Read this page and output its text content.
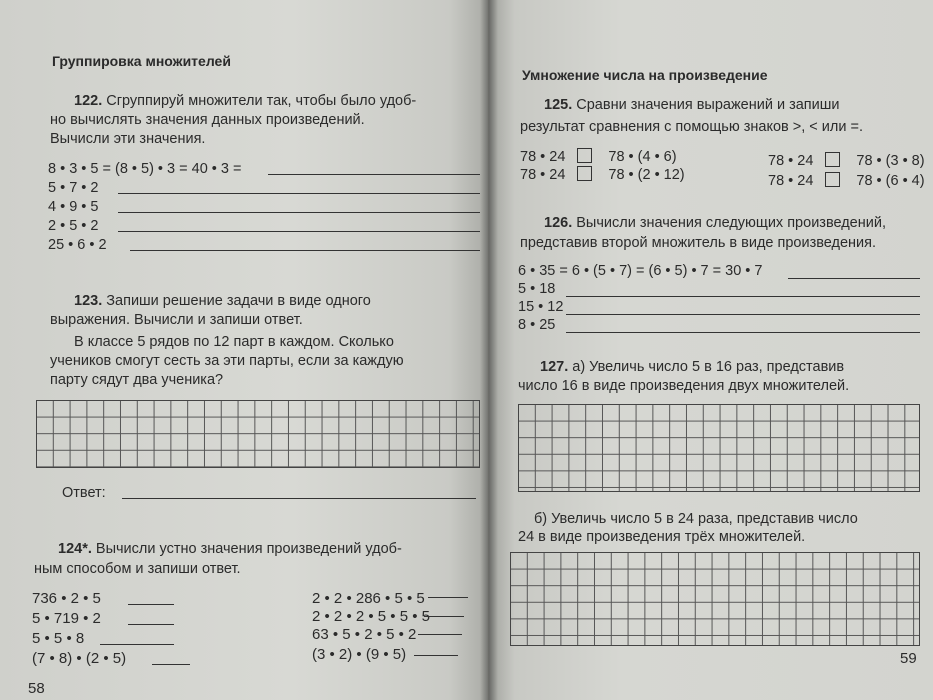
Группировка множителей
122. Сгруппируй множители так, чтобы было удоб-
но вычислять значения данных произведений.
Вычисли эти значения.
8 • 3 • 5 = (8 • 5) • 3 = 40 • 3 =
5 • 7 • 2
4 • 9 • 5
2 • 5 • 2
25 • 6 • 2
123. Запиши решение задачи в виде одного
выражения. Вычисли и запиши ответ.
В классе 5 рядов по 12 парт в каждом. Сколько
учеников смогут сесть за эти парты, если за каждую
парту сядут два ученика?
Ответ:
124*. Вычисли устно значения произведений удоб-
ным способом и запиши ответ.
736 • 2 • 5
5 • 719 • 2
5 • 5 • 8
(7 • 8) • (2 • 5)
2 • 2 • 286 • 5 • 5
2 • 2 • 2 • 5 • 5 • 5
63 • 5 • 2 • 5 • 2
(3 • 2) • (9 • 5)
58
Умножение числа на произведение
125. Сравни значения выражений и запиши
результат сравнения с помощью знаков >, < или =.
78 • 24	78 • (4 • 6)
78 • 24	78 • (2 • 12)
78 • 24	78 • (3 • 8)
78 • 24	78 • (6 • 4)
126. Вычисли значения следующих произведений,
представив второй множитель в виде произведения.
6 • 35 = 6 • (5 • 7) = (6 • 5) • 7 = 30 • 7
5 • 18
15 • 12
8 • 25
127. а) Увеличь число 5 в 16 раз, представив
число 16 в виде произведения двух множителей.
б) Увеличь число 5 в 24 раза, представив число
24 в виде произведения трёх множителей.
59
